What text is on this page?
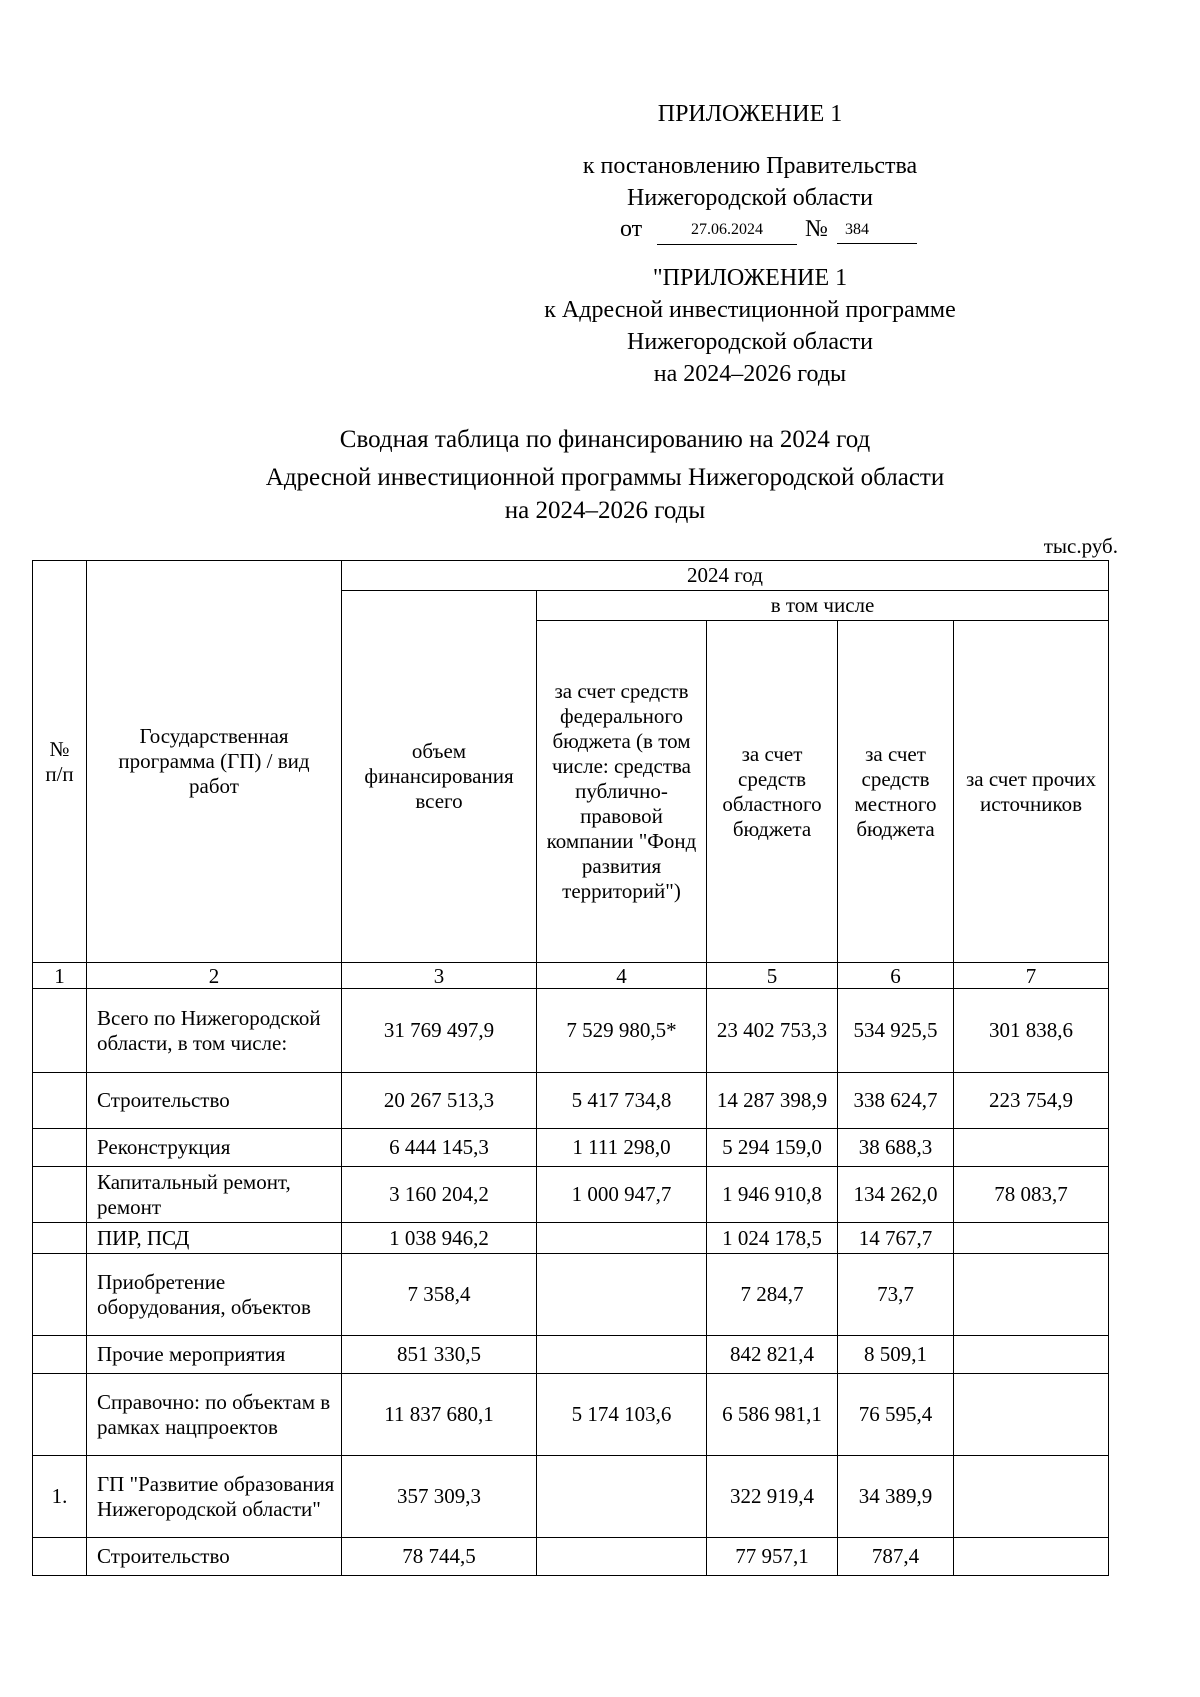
ПРИЛОЖЕНИЕ 1
к постановлению Правительства
Нижегородской области
от	27.06.2024	№	384
"ПРИЛОЖЕНИЕ 1
к Адресной инвестиционной программе
Нижегородской области
на 2024–2026 годы
Сводная таблица по финансированию на 2024 год
Адресной инвестиционной программы Нижегородской области
на 2024–2026 годы
тыс.руб.
№ п/п	Государственная программа (ГП) / вид работ	2024 год				
		объем финансирования всего	в том числе			
			за счет средств федерального бюджета (в том числе: средства публично-правовой компании "Фонд развития территорий")	за счет средств областного бюджета	за счет средств местного бюджета	за счет прочих источников
1	2	3	4	5	6	7
	Всего по Нижегородской области, в том числе:	31 769 497,9	7 529 980,5*	23 402 753,3	534 925,5	301 838,6
	Строительство	20 267 513,3	5 417 734,8	14 287 398,9	338 624,7	223 754,9
	Реконструкция	6 444 145,3	1 111 298,0	5 294 159,0	38 688,3	
	Капитальный ремонт, ремонт	3 160 204,2	1 000 947,7	1 946 910,8	134 262,0	78 083,7
	ПИР, ПСД	1 038 946,2		1 024 178,5	14 767,7	
	Приобретение оборудования, объектов	7 358,4		7 284,7	73,7	
	Прочие мероприятия	851 330,5		842 821,4	8 509,1	
	Справочно: по объектам в рамках нацпроектов	11 837 680,1	5 174 103,6	6 586 981,1	76 595,4	
1.	ГП "Развитие образования Нижегородской области"	357 309,3		322 919,4	34 389,9	
	Строительство	78 744,5		77 957,1	787,4	
